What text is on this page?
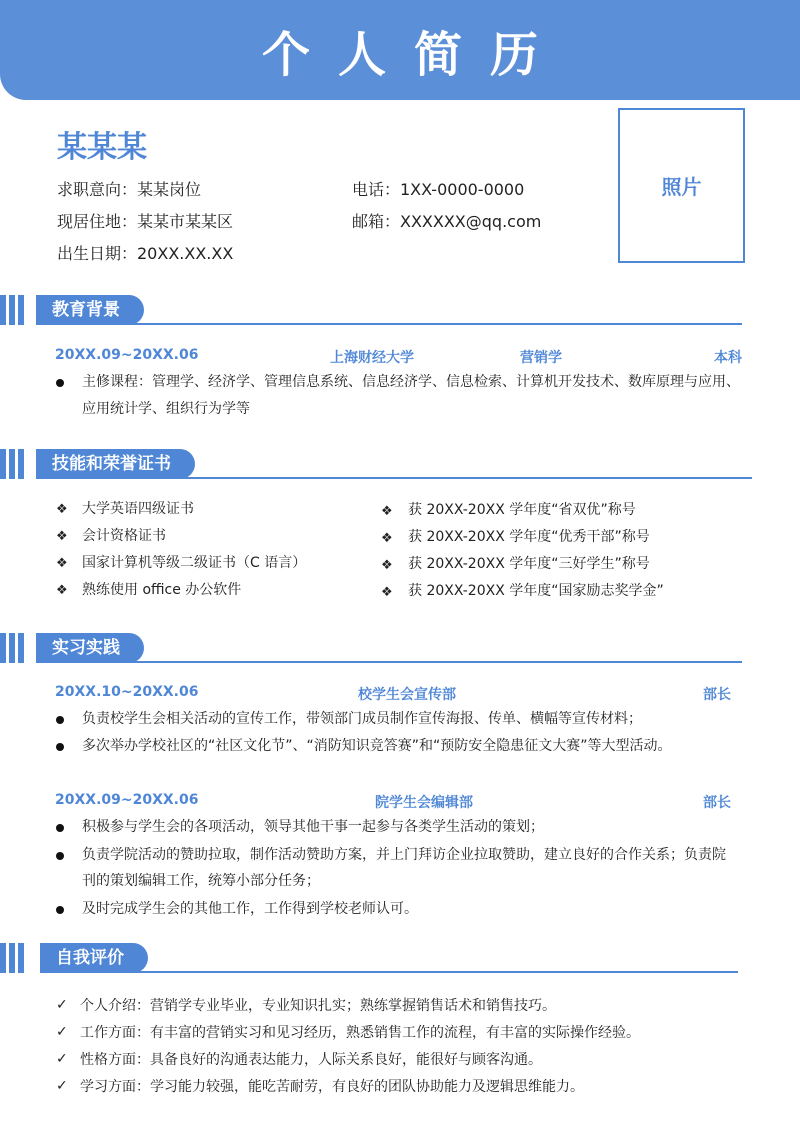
个人简历
某某某
求职意向：某某岗位
现居住地：某某市某某区
出生日期：20XX.XX.XX
电话：1XX-0000-0000
邮箱：XXXXXX@qq.com
照片
教育背景
20XX.09~20XX.06	上海财经大学	营销学	本科
主修课程：管理学、经济学、管理信息系统、信息经济学、信息检索、计算机开发技术、数库原理与应用、
应用统计学、组织行为学等
技能和荣誉证书
❖ 大学英语四级证书
❖ 会计资格证书
❖ 国家计算机等级二级证书（C 语言）
❖ 熟练使用 office 办公软件
❖ 获 20XX-20XX 学年度“省双优”称号
❖ 获 20XX-20XX 学年度“优秀干部”称号
❖ 获 20XX-20XX 学年度“三好学生”称号
❖ 获 20XX-20XX 学年度“国家励志奖学金”
实习实践
20XX.10~20XX.06	校学生会宣传部	部长
负责校学生会相关活动的宣传工作，带领部门成员制作宣传海报、传单、横幅等宣传材料；
多次举办学校社区的“社区文化节”、“消防知识竞答赛”和“预防安全隐患征文大赛”等大型活动。
20XX.09~20XX.06	院学生会编辑部	部长
积极参与学生会的各项活动，领导其他干事一起参与各类学生活动的策划；
负责学院活动的赞助拉取，制作活动赞助方案，并上门拜访企业拉取赞助，建立良好的合作关系；负责院
刊的策划编辑工作，统筹小部分任务；
及时完成学生会的其他工作，工作得到学校老师认可。
自我评价
✓ 个人介绍：营销学专业毕业，专业知识扎实；熟练掌握销售话术和销售技巧。
✓ 工作方面：有丰富的营销实习和见习经历，熟悉销售工作的流程，有丰富的实际操作经验。
✓ 性格方面：具备良好的沟通表达能力，人际关系良好，能很好与顾客沟通。
✓ 学习方面：学习能力较强，能吃苦耐劳，有良好的团队协助能力及逻辑思维能力。
